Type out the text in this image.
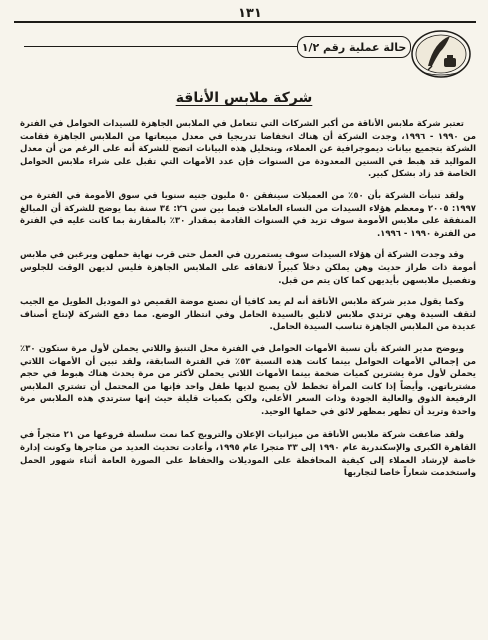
١٣١
حالة عملية رقم ١/٢
شركة ملابس الأناقة

تعتبر شركة ملابس الأناقة من أكبر الشركات التي تتعامل في الملابس الجاهزة للسيدات الحوامل في الفترة من ١٩٩٠ - ١٩٩٦، وجدت الشركة أن هناك انخفاضا تدريجيا في معدل مبيعاتها من الملابس الجاهزة فقامت الشركة بتجميع بيانات ديموجرافية عن العملاء، وبتحليل هذه البيانات اتضح للشركة أنه على الرغم من أن معدل المواليد قد هبط في السنين المعدودة من السنوات فإن عدد الأمهات التي تقبل على شراء ملابس الحوامل الخاصة قد زاد بشكل كبير.

ولقد تنبأت الشركة بأن ٥٠٪ من العميلات سينفقن ٥٠ مليون جنيه سنويا في سوق الأمومة في الفترة من ١٩٩٧: ٢٠٠٥ ومعظم هؤلاء السيدات من النساء العاملات فيما بين سن ٢٦: ٣٤ سنة بما يوضح للشركة أن المبالغ المنفقة على ملابس الأمومة سوف تزيد في السنوات القادمة بمقدار ٣٠٪ بالمقارنة بما كانت عليه في الفترة من الفترة ١٩٩٠ - ١٩٩٦.

وقد وجدت الشركة أن هؤلاء السيدات سوف يستمررن في العمل حتى قرب نهاية حملهن ويرغبن في ملابس أمومة ذات طراز حديث وهن يملكن دخلاً كبيراً لانفاقه على الملابس الجاهزة فليس لديهن الوقت للجلوس وتفصيل ملابسهن بأيديهن كما كان يتم من قبل.

وكما يقول مدير شركة ملابس الأناقة أنه لم يعد كافيا أن نصنع موضة القميص ذو الموديل الطويل مع الجيب لتقف السيدة وهي ترتدي ملابس لاتليق بالسيدة الحامل وفي انتظار الوضع. مما دفع الشركة لإنتاج أصناف عديدة من الملابس الجاهزة تناسب السيدة الحامل.

ويوضح مدير الشركة بأن نسبة الأمهات الحوامل في الفترة محل التنبؤ واللاتي يحملن لأول مرة ستكون ٣٠٪ من إجمالي الأمهات الحوامل بينما كانت هذه النسبة ٥٣٪ في الفترة السابقة، ولقد تبين أن الأمهات اللاتي يحملن لأول مرة يشترين كميات ضخمة بينما الأمهات اللاتي يحملن لأكثر من مرة يحدث هناك هبوط في حجم مشترياتهن. وأيضاً إذا كانت المرأة تخطط لأن يصبح لديها طفل واحد فإنها من المحتمل أن تشتري الملابس الرفيعة الذوق والعالية الجودة وذات السعر الأعلى، ولكن بكميات قليلة حيث إنها سترتدي هذه الملابس مرة واحدة وتريد أن تظهر بمظهر لائق في حملها الوحيد.

ولقد ضاعفت شركة ملابس الأناقة من ميزانيات الإعلان والترويج كما نمت سلسلة فروعها من ٢١ متجراً في القاهرة الكبرى والإسكندرية عام ١٩٩٠ إلى ٣٣ متجرا عام ١٩٩٥، وأعادت تحديث العديد من متاجرها وكونت إدارة خاصة لإرشاد العملاء إلى كيفية المحافظة على الموديلات والحفاظ على الصورة العامة أثناء شهور الحمل واستخدمت شعاراً خاصا لتجاربها
